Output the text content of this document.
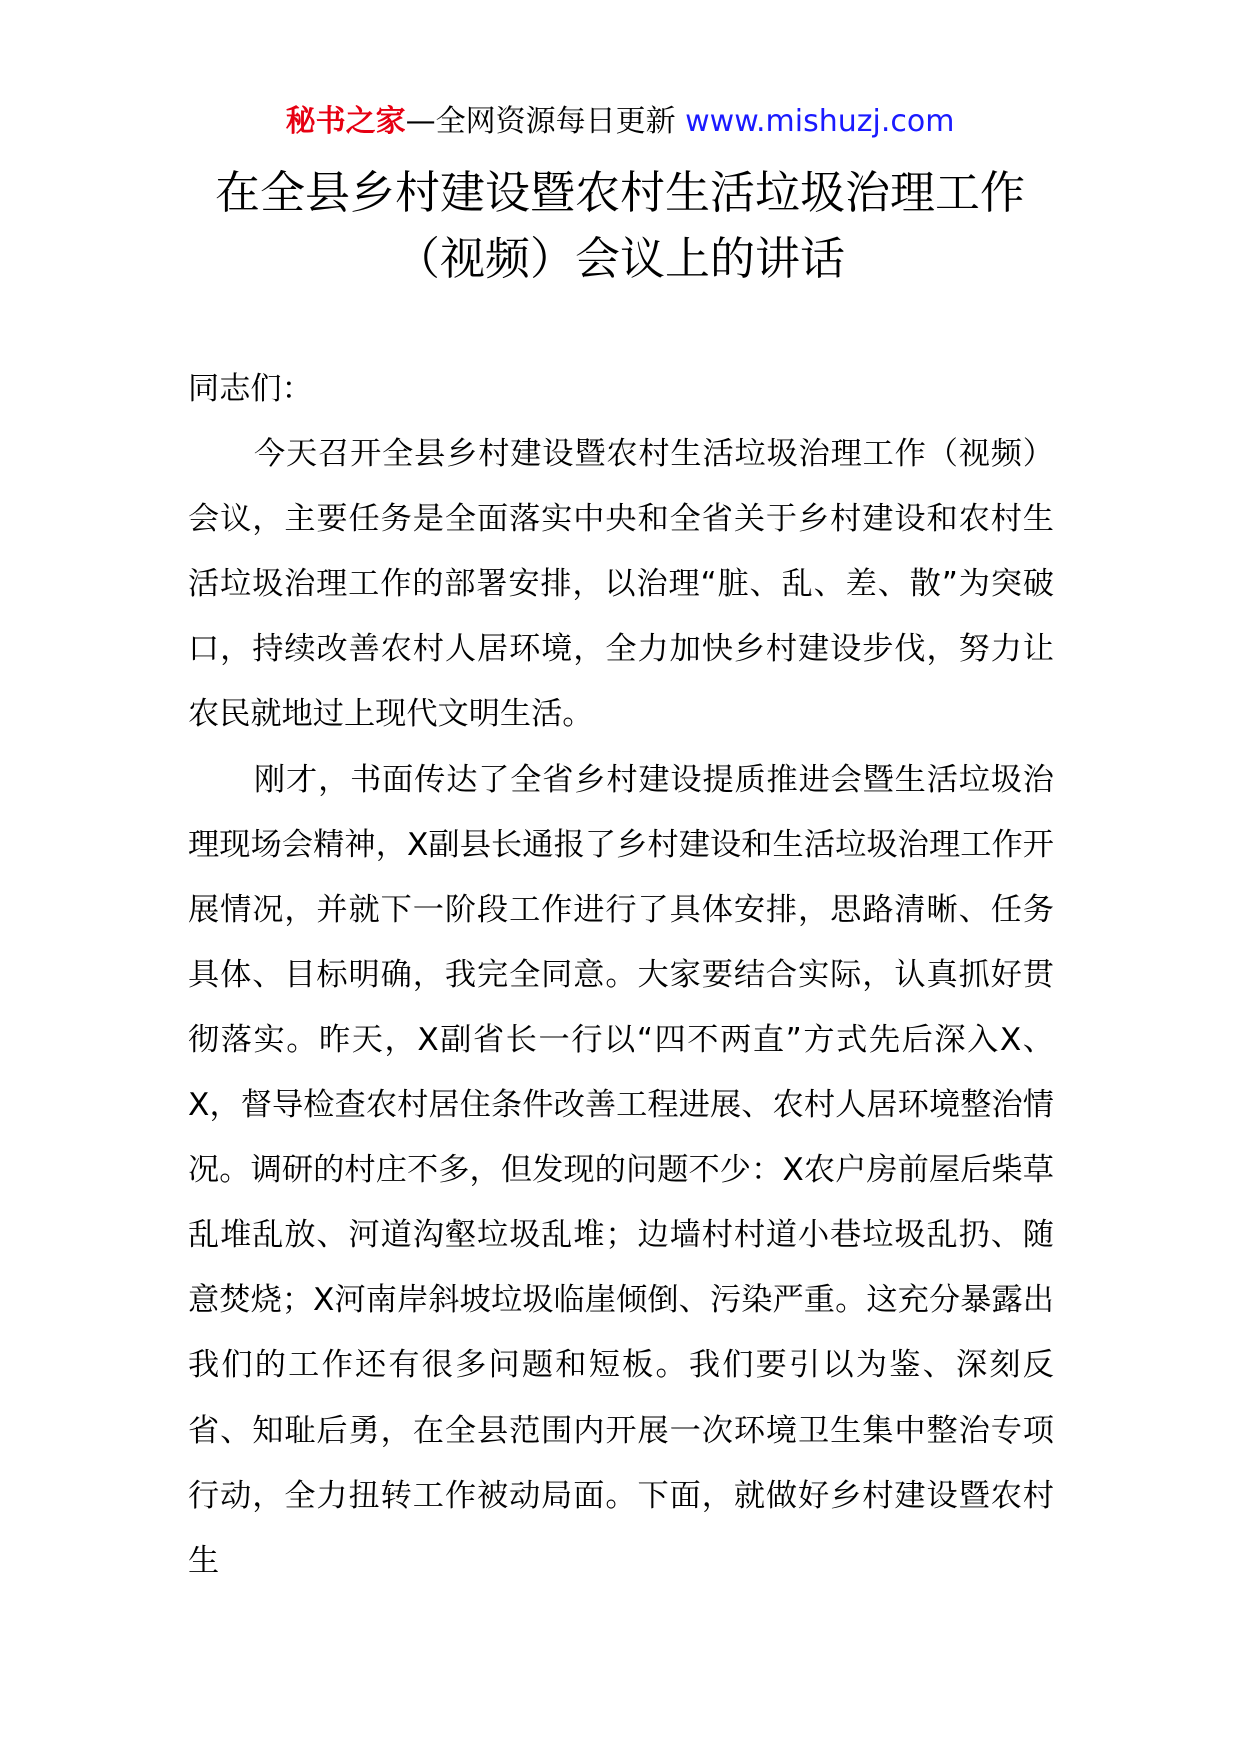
秘书之家—全网资源每日更新 www.mishuzj.com
在全县乡村建设暨农村生活垃圾治理工作
（视频）会议上的讲话

同志们：

今天召开全县乡村建设暨农村生活垃圾治理工作（视频）会议，主要任务是全面落实中央和全省关于乡村建设和农村生活垃圾治理工作的部署安排，以治理“脏、乱、差、散”为突破口，持续改善农村人居环境，全力加快乡村建设步伐，努力让农民就地过上现代文明生活。

刚才，书面传达了全省乡村建设提质推进会暨生活垃圾治理现场会精神，X副县长通报了乡村建设和生活垃圾治理工作开展情况，并就下一阶段工作进行了具体安排，思路清晰、任务具体、目标明确，我完全同意。大家要结合实际，认真抓好贯彻落实。昨天，X副省长一行以“四不两直”方式先后深入X、X，督导检查农村居住条件改善工程进展、农村人居环境整治情况。调研的村庄不多，但发现的问题不少：X农户房前屋后柴草乱堆乱放、河道沟壑垃圾乱堆；边墙村村道小巷垃圾乱扔、随意焚烧；X河南岸斜坡垃圾临崖倾倒、污染严重。这充分暴露出我们的工作还有很多问题和短板。我们要引以为鉴、深刻反省、知耻后勇，在全县范围内开展一次环境卫生集中整治专项行动，全力扭转工作被动局面。下面，就做好乡村建设暨农村生
